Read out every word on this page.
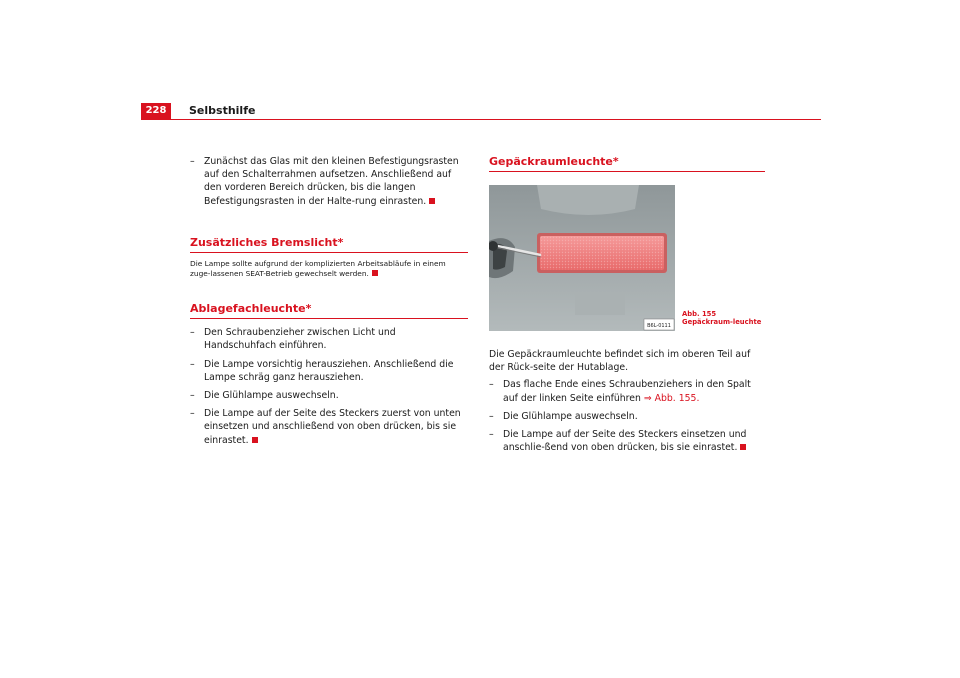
228	Selbsthilfe
– Zunächst das Glas mit den kleinen Befestigungsrasten auf den Schalterrahmen aufsetzen. Anschließend auf den vorderen Bereich drücken, bis die langen Befestigungsrasten in der Halte-rung einrasten.
Zusätzliches Bremslicht*

Die Lampe sollte aufgrund der komplizierten Arbeitsabläufe in einem zuge-lassenen SEAT-Betrieb gewechselt werden.

Ablagefachleuchte*
– Den Schraubenzieher zwischen Licht und Handschuhfach einführen.
– Die Lampe vorsichtig herausziehen. Anschließend die Lampe schräg ganz herausziehen.
– Die Glühlampe auswechseln.
– Die Lampe auf der Seite des Steckers zuerst von unten einsetzen und anschließend von oben drücken, bis sie einrastet.
Gepäckraumleuchte*
B6L-0111

Die Gepäckraumleuchte befindet sich im oberen Teil auf der Rück-seite der Hutablage.

– Das flache Ende eines Schraubenziehers in den Spalt auf der linken Seite einführen ⇒ Abb. 155.
– Die Glühlampe auswechseln.
– Die Lampe auf der Seite des Steckers einsetzen und anschlie-ßend von oben drücken, bis sie einrastet.
Abb. 155 Gepäckraum-leuchte
